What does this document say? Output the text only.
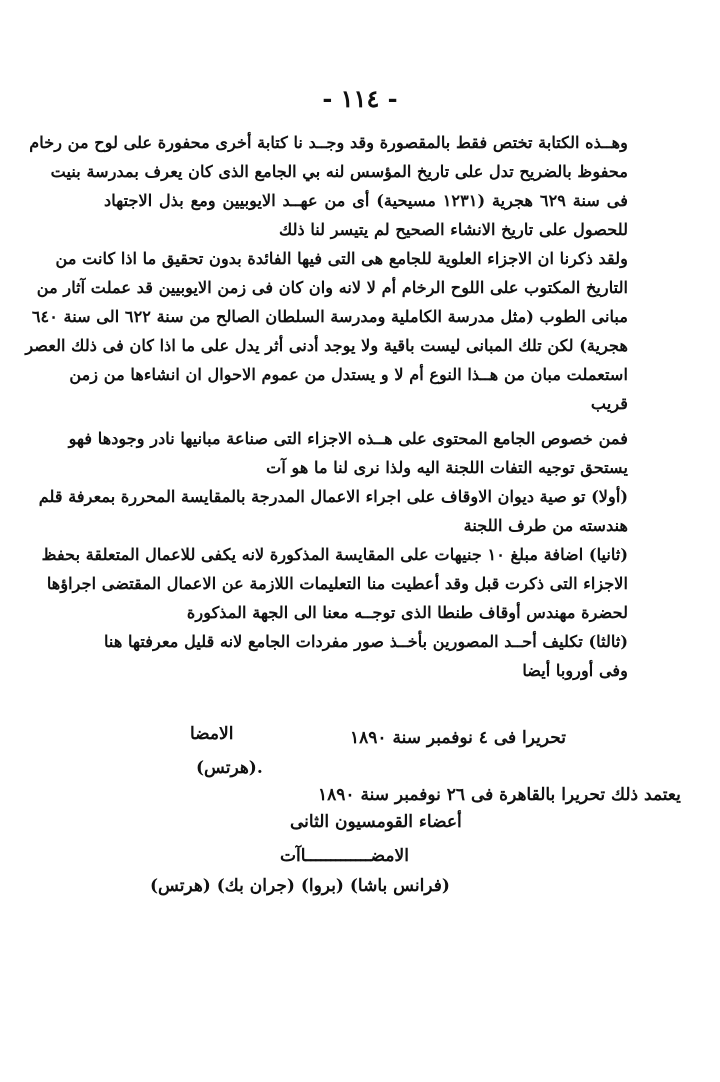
- ١١٤ -
وهــذه الكتابة تختص فقط بالمقصورة وقد وجــد نا كتابة أخرى محفورة على لوح من رخام
محفوظ بالضريح تدل على تاريخ المؤسس لنه بي الجامع الذى كان يعرف بمدرسة بنيت
فى سنة ٦٢٩ هجرية (١٢٣١ مسيحية) أى من عهــد الايوبيين ومع بذل الاجتهاد
للحصول على تاريخ الانشاء الصحيح لم يتيسر لنا ذلك
ولقد ذكرنا ان الاجزاء العلوية للجامع هى التى فيها الفائدة بدون تحقيق ما اذا كانت من
التاريخ المكتوب على اللوح الرخام أم لا لانه وان كان فى زمن الايوبيين قد عملت آثار من
مبانى الطوب (مثل مدرسة الكاملية ومدرسة السلطان الصالح من سنة ٦٢٢ الى سنة ٦٤٠
هجرية) لكن تلك المبانى ليست باقية ولا يوجد أدنى أثر يدل على ما اذا كان فى ذلك العصر
استعملت مبان من هــذا النوع أم لا و يستدل من عموم الاحوال ان انشاءها من زمن
قريب
فمن خصوص الجامع المحتوى على هــذه الاجزاء التى صناعة مبانيها نادر وجودها فهو
يستحق توجيه التفات اللجنة اليه ولذا نرى لنا ما هو آت
(أولا) تو صية ديوان الاوقاف على اجراء الاعمال المدرجة بالمقايسة المحررة بمعرفة قلم
هندسته من طرف اللجنة
(ثانيا) اضافة مبلغ ١٠ جنيهات على المقايسة المذكورة لانه يكفى للاعمال المتعلقة بحفظ
الاجزاء التى ذكرت قبل وقد أعطيت منا التعليمات اللازمة عن الاعمال المقتضى اجراؤها
لحضرة مهندس أوقاف طنطا الذى توجــه معنا الى الجهة المذكورة
(ثالثا) تكليف أحــد المصورين بأخــذ صور مفردات الجامع لانه قليل معرفتها هنا
وفى أوروبا أيضا
تحريرا فى ٤ نوفمبر سنة ١٨٩٠
الامضا
.(هرتس)
يعتمد ذلك تحريرا بالقاهرة فى ٢٦ نوفمبر سنة ١٨٩٠
أعضاء القومسيون الثانى
الامضـــــــــــــاآت
(فرانس باشا) (بروا) (جران بك) (هرتس)
